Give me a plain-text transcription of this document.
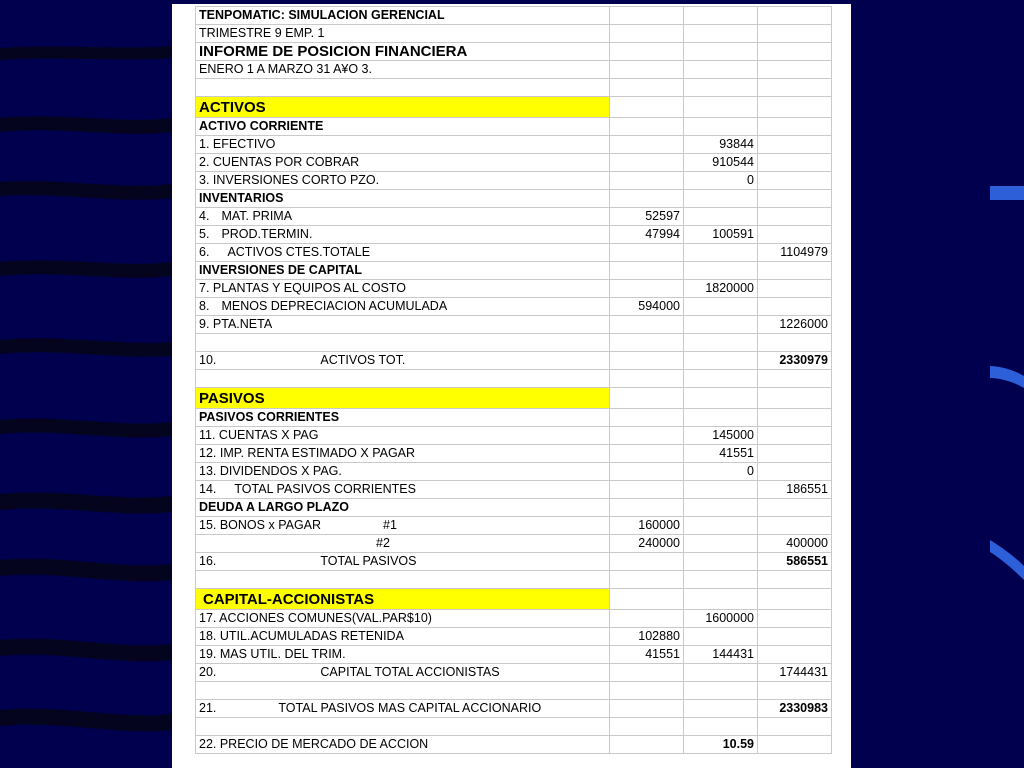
TENPOMATIC: SIMULACION GERENCIAL			
TRIMESTRE 9 EMP. 1			
INFORME DE POSICION FINANCIERA			
ENERO 1 A MARZO 31 A¥O 3.			

ACTIVOS			
ACTIVO CORRIENTE			
1. EFECTIVO		93844	
2. CUENTAS POR COBRAR		910544	
3. INVERSIONES CORTO PZO.		0	
INVENTARIOS			
4. MAT. PRIMA	52597		
5. PROD.TERMIN.	47994	100591	
6. ACTIVOS CTES.TOTALE			1104979
INVERSIONES DE CAPITAL			
7. PLANTAS Y EQUIPOS AL COSTO		1820000	
8. MENOS DEPRECIACION ACUMULADA	594000		
9. PTA.NETA			1226000

10. ACTIVOS TOT.			2330979

PASIVOS			
PASIVOS CORRIENTES			
11. CUENTAS X PAG		145000	
12. IMP. RENTA ESTIMADO X PAGAR		41551	
13. DIVIDENDOS X PAG.		0	
14. TOTAL PASIVOS CORRIENTES			186551
DEUDA A LARGO PLAZO			
15. BONOS x PAGAR #1	160000		
#2	240000		400000
16. TOTAL PASIVOS			586551

CAPITAL-ACCIONISTAS			
17. ACCIONES COMUNES(VAL.PAR$10)		1600000	
18. UTIL.ACUMULADAS RETENIDA	102880		
19. MAS UTIL. DEL TRIM.	41551	144431	
20. CAPITAL TOTAL ACCIONISTAS			1744431

21. TOTAL PASIVOS MAS CAPITAL ACCIONARIO			2330983

22. PRECIO DE MERCADO DE ACCION		10.59	
